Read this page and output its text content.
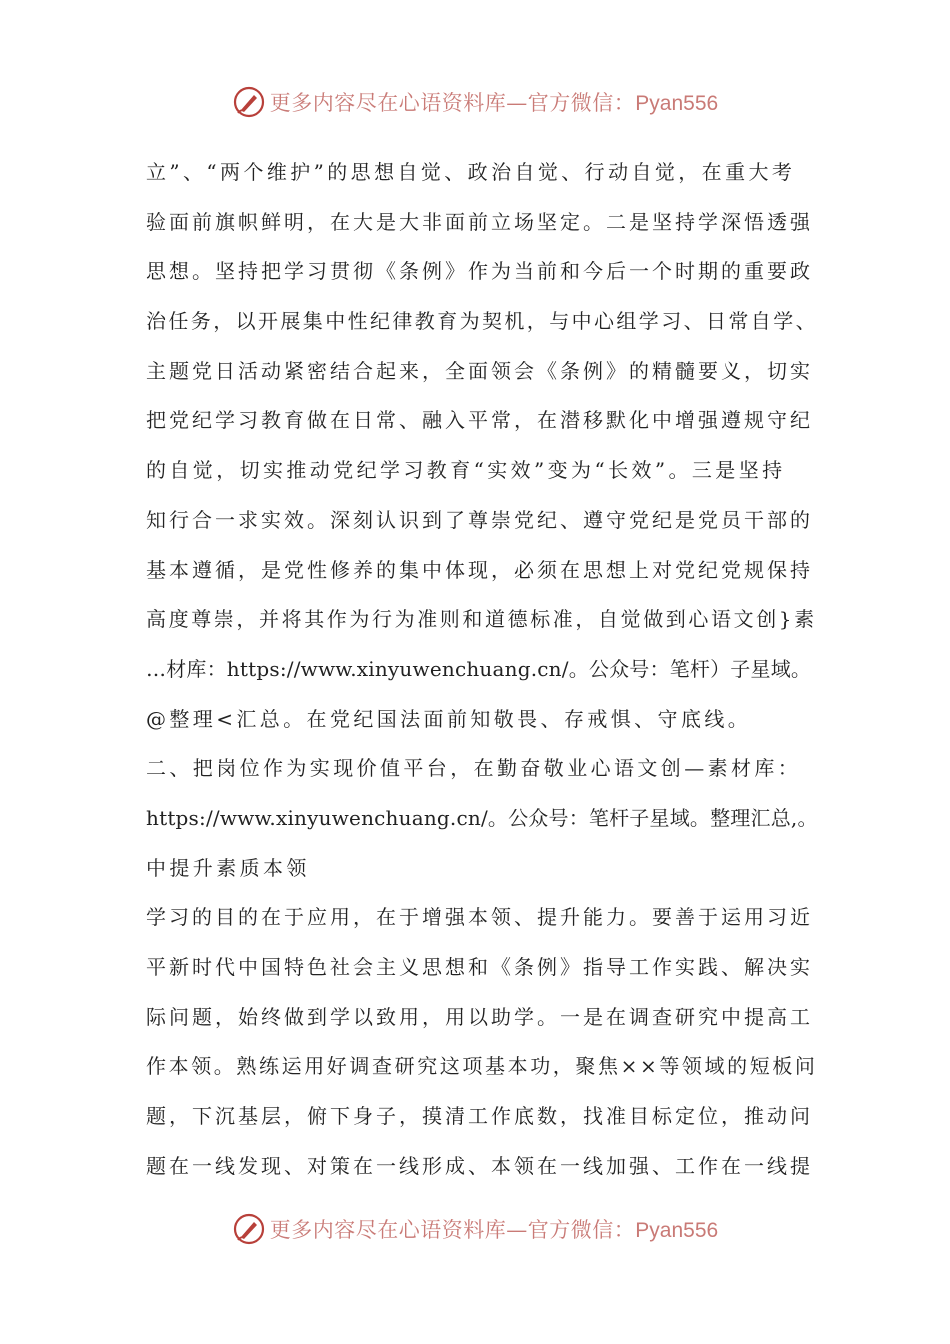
更多内容尽在心语资料库—官方微信：Pyan556
立”、“两个维护”的思想自觉、政治自觉、行动自觉，在重大考
验面前旗帜鲜明，在大是大非面前立场坚定。二是坚持学深悟透强
思想。坚持把学习贯彻《条例》作为当前和今后一个时期的重要政
治任务，以开展集中性纪律教育为契机，与中心组学习、日常自学、
主题党日活动紧密结合起来，全面领会《条例》的精髓要义，切实
把党纪学习教育做在日常、融入平常，在潜移默化中增强遵规守纪
的自觉，切实推动党纪学习教育“实效”变为“长效”。三是坚持
知行合一求实效。深刻认识到了尊崇党纪、遵守党纪是党员干部的
基本遵循，是党性修养的集中体现，必须在思想上对党纪党规保持
高度尊崇，并将其作为行为准则和道德标准，自觉做到心语文创}素
…材库：https://www.xinyuwenchuang.cn/。公众号：笔杆）子星域。
@整理<汇总。在党纪国法面前知敬畏、存戒惧、守底线。
二、把岗位作为实现价值平台，在勤奋敬业心语文创—素材库：
https://www.xinyuwenchuang.cn/。公众号：笔杆子星域。整理汇总,。
中提升素质本领
学习的目的在于应用，在于增强本领、提升能力。要善于运用习近
平新时代中国特色社会主义思想和《条例》指导工作实践、解决实
际问题，始终做到学以致用，用以助学。一是在调查研究中提高工
作本领。熟练运用好调查研究这项基本功，聚焦××等领域的短板问
题，下沉基层，俯下身子，摸清工作底数，找准目标定位，推动问
题在一线发现、对策在一线形成、本领在一线加强、工作在一线提
更多内容尽在心语资料库—官方微信：Pyan556
